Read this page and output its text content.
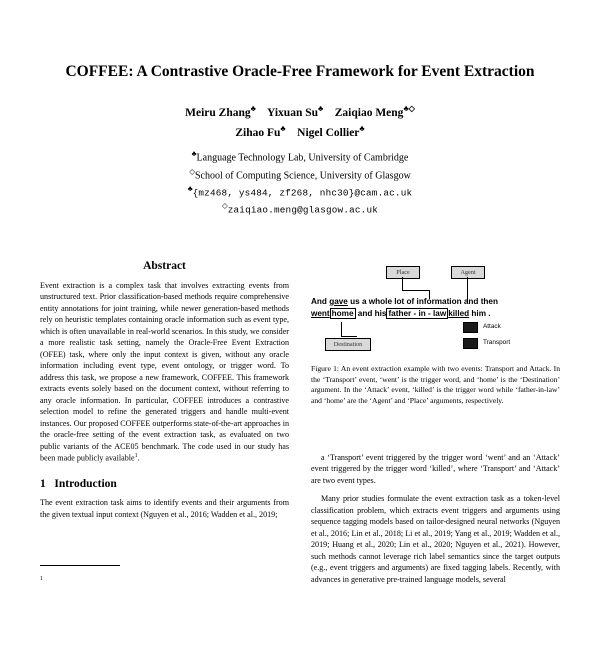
COFFEE: A Contrastive Oracle-Free Framework for Event Extraction
Meiru Zhang♣ Yixuan Su♣ Zaiqiao Meng♣◇
Zihao Fu♣ Nigel Collier♣
♣Language Technology Lab, University of Cambridge
◇School of Computing Science, University of Glasgow
♣{mz468, ys484, zf268, nhc30}@cam.ac.uk
◇zaiqiao.meng@glasgow.ac.uk
Abstract

Event extraction is a complex task that involves extracting events from unstructured text. Prior classification-based methods require comprehensive entity annotations for joint training, while newer generation-based methods rely on heuristic templates containing oracle information such as event type, which is often unavailable in real-world scenarios. In this study, we consider a more realistic task setting, namely the Oracle-Free Event Extraction (OFEE) task, where only the input context is given, without any oracle information including event type, event ontology, or trigger word. To address this task, we propose a new framework, COFFEE. This framework extracts events solely based on the document context, without referring to any oracle information. In particular, COFFEE introduces a contrastive selection model to refine the generated triggers and handle multi-event instances. Our proposed COFFEE outperforms state-of-the-art approaches in the oracle-free setting of the event extraction task, as evaluated on two public variants of the ACE05 benchmark. The code used in our study has been made publicly available$^1$.

1 Introduction

The event extraction task aims to identify events and their arguments from the given textual input context (Nguyen et al., 2016; Wadden et al., 2019;

1
Place	Agent
And gave us a whole lot of information and then
went home and his father - in - law killed him .
Destination
Attack
Transport
Figure 1: An event extraction example with two events: Transport and Attack. In the ‘Transport’ event, ‘went’ is the trigger word, and ‘home’ is the ‘Destination’ argument. In the ‘Attack’ event, ‘killed’ is the trigger word while ‘father-in-law’ and ‘home’ are the ‘Agent’ and ‘Place’ arguments, respectively.

a ‘Transport’ event triggered by the trigger word ‘went’ and an ‘Attack’ event triggered by the trigger word ‘killed’, where ‘Transport’ and ‘Attack’ are two event types.

Many prior studies formulate the event extraction task as a token-level classification problem, which extracts event triggers and arguments using sequence tagging models based on tailor-designed neural networks (Nguyen et al., 2016; Lin et al., 2018; Li et al., 2019; Yang et al., 2019; Wadden et al., 2019; Huang et al., 2020; Lin et al., 2020; Nguyen et al., 2021). However, such methods cannot leverage rich label semantics since the target outputs (e.g., event triggers and arguments) are fixed tagging labels. Recently, with advances in generative pre-trained language models, several
